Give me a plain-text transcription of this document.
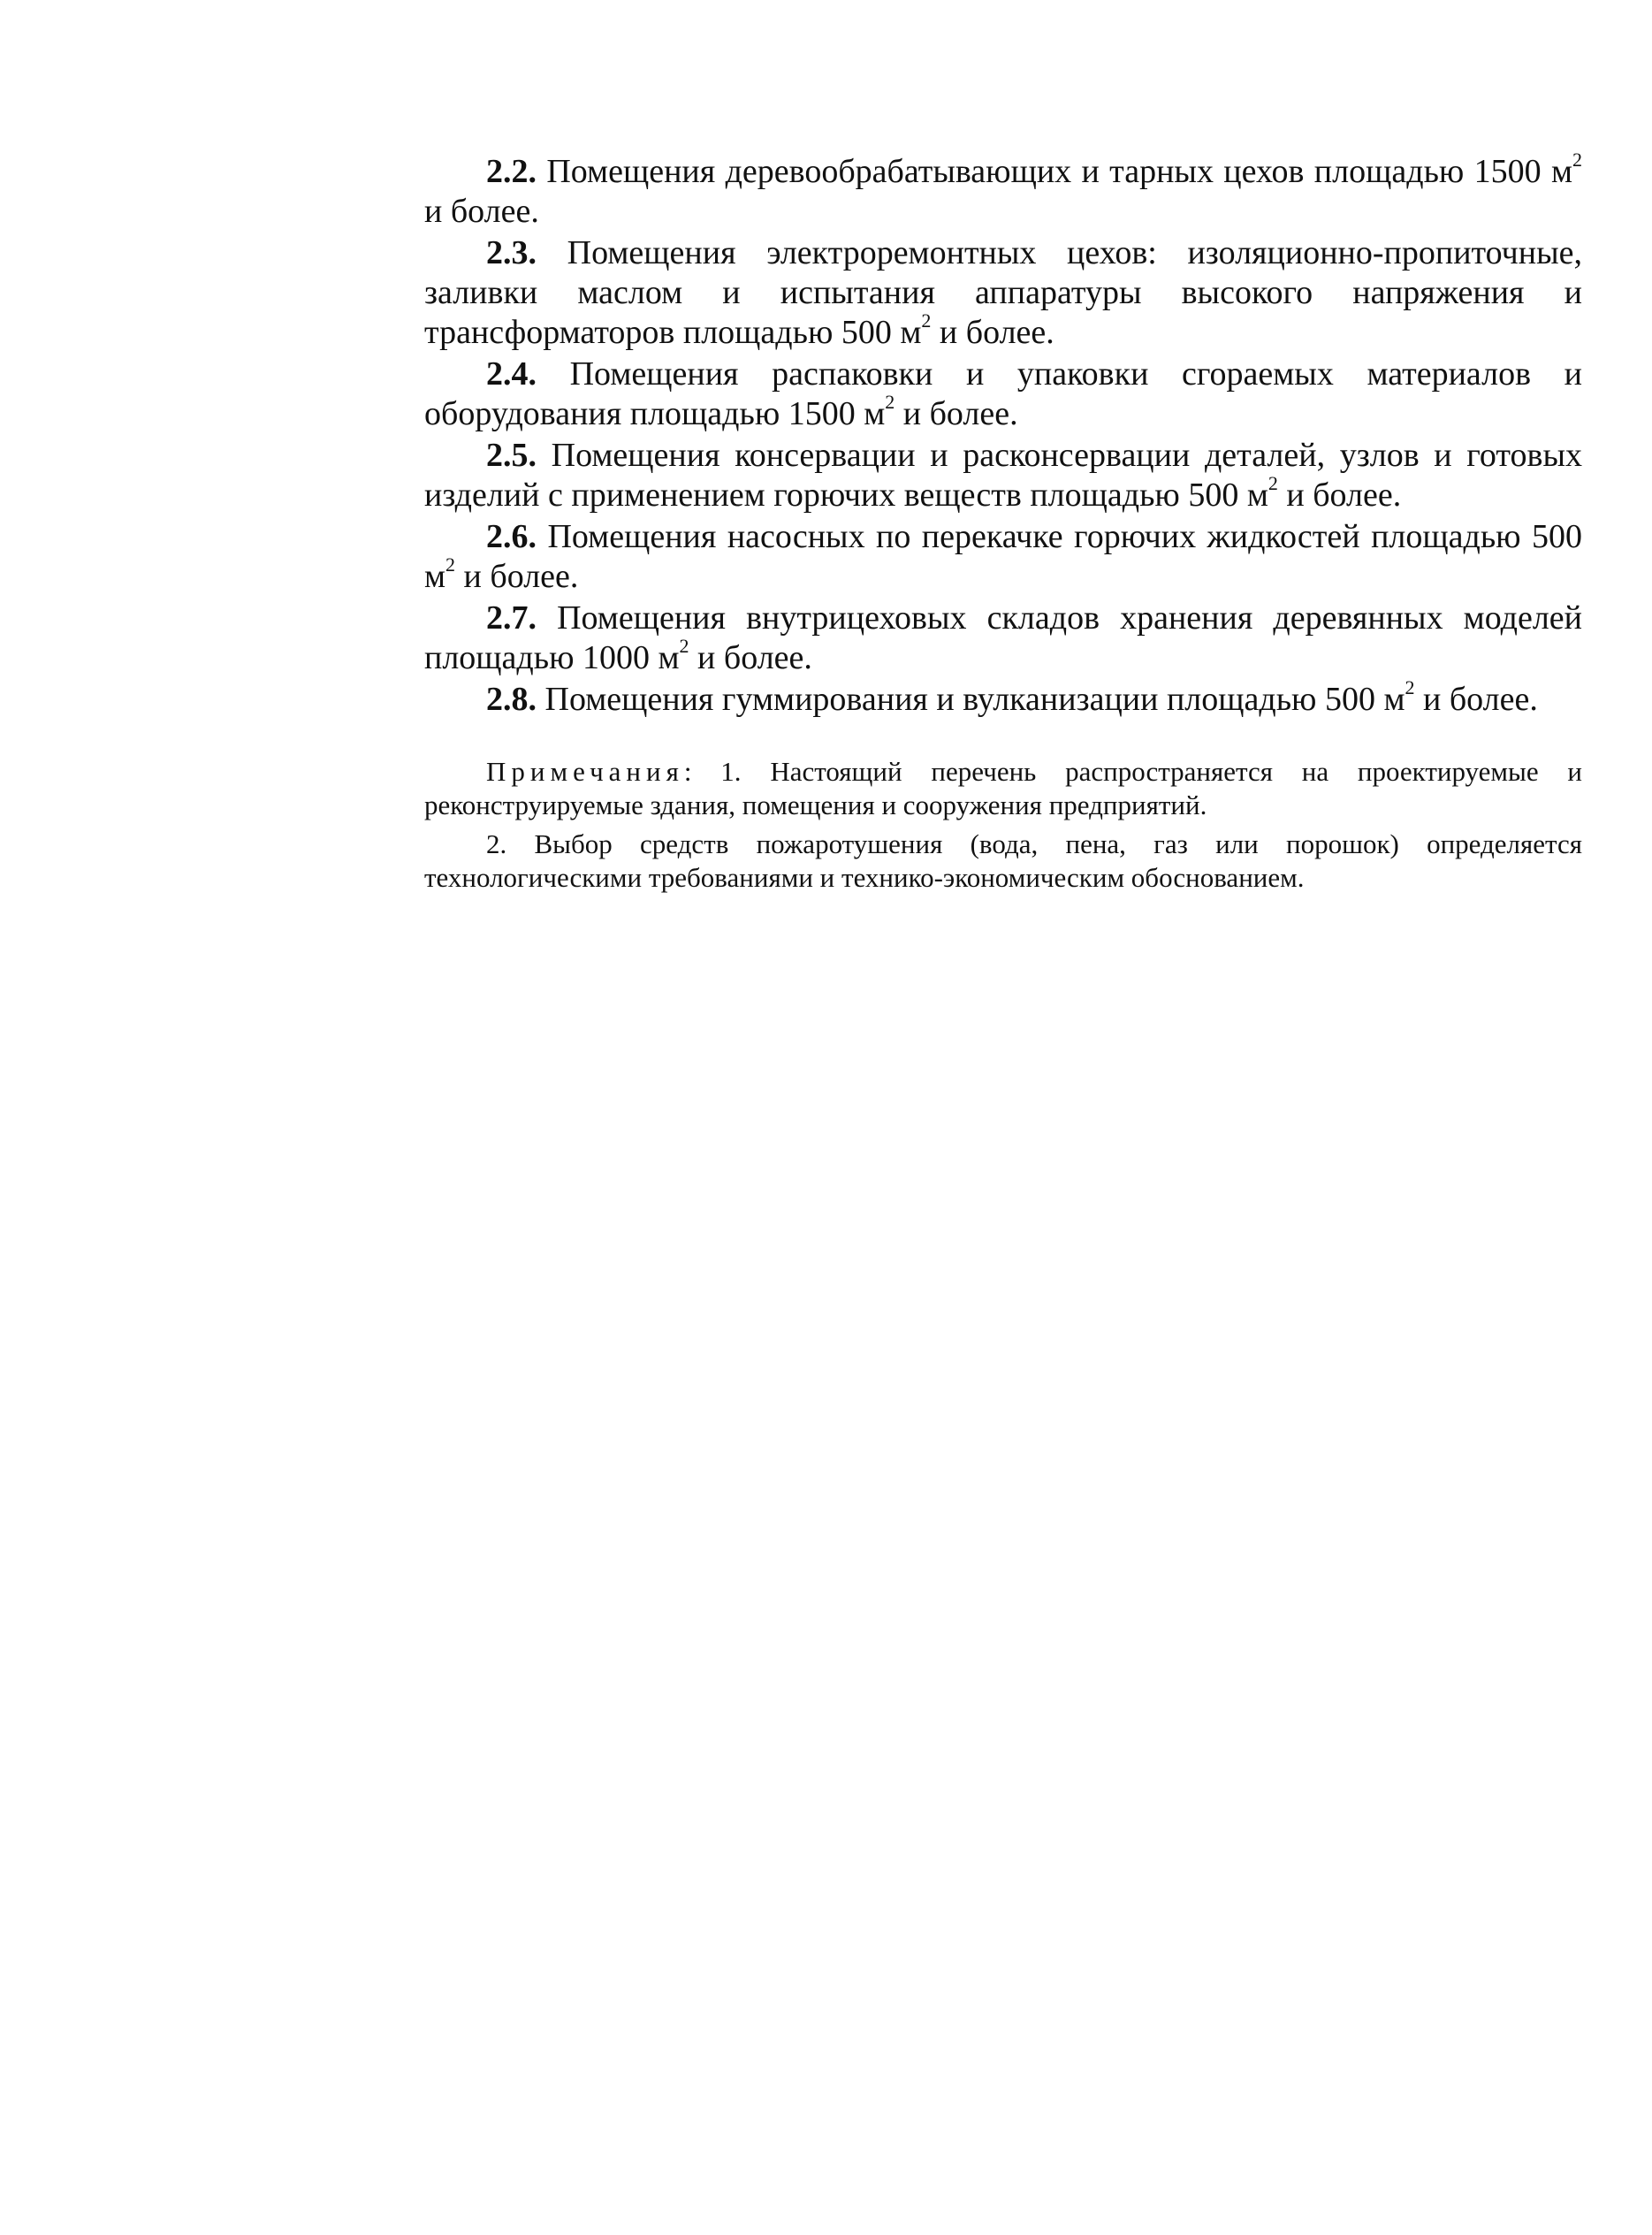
2.2. Помещения деревообрабатывающих и тарных цехов площадью 1500 $м^2$ и более.

2.3. Помещения электроремонтных цехов: изоляционно-пропиточные, заливки маслом и испытания аппаратуры высокого напряжения и трансформаторов площадью 500 $м^2$ и более.

2.4. Помещения распаковки и упаковки сгораемых материалов и оборудования площадью 1500 $м^2$ и более.

2.5. Помещения консервации и расконсервации деталей, узлов и готовых изделий с применением горючих веществ площадью 500 $м^2$ и более.

2.6. Помещения насосных по перекачке горючих жидкостей площадью 500 $м^2$ и более.

2.7. Помещения внутрицеховых складов хранения деревянных моделей площадью 1000 $м^2$ и более.

2.8. Помещения гуммирования и вулканизации площадью 500 $м^2$ и более.

Примечания: 1. Настоящий перечень распространяется на проектируемые и реконструируемые здания, помещения и сооружения предприятий.

2. Выбор средств пожаротушения (вода, пена, газ или порошок) определяется технологическими требованиями и технико-экономическим обоснованием.
